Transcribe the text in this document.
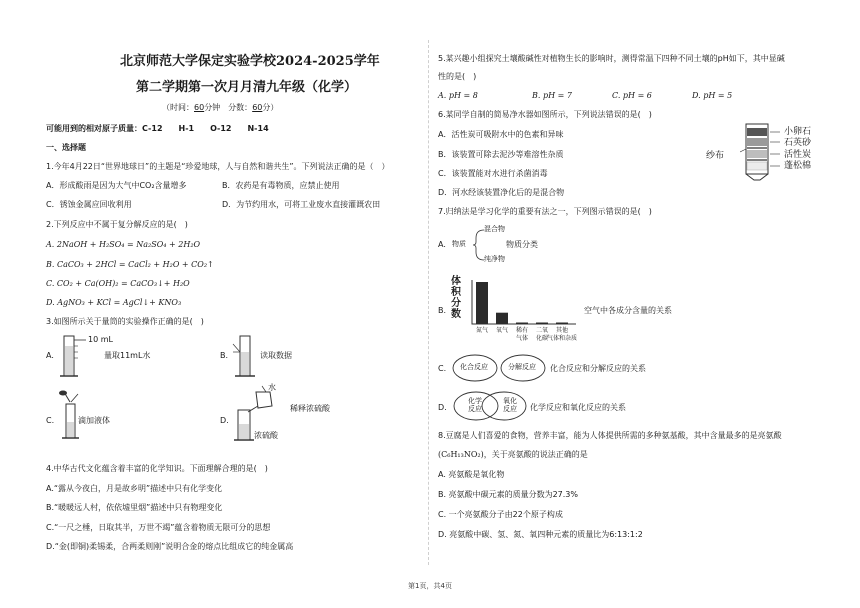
北京师范大学保定实验学校2024-2025学年
第二学期第一次月月清九年级（化学）
（时间：60分钟　分数：60分）
可能用到的相对原子质量：C-12　　H-1　　O-12　　N-14
一、选择题
1.今年4月22日“世界地球日”的主题是“珍爱地球，人与自然和谐共生”。下列说法正确的是（　）
A．形成酸雨是因为大气中CO₂含量增多	B．农药是有毒物质，应禁止使用
C．锈蚀金属应回收利用	D．为节约用水，可将工业废水直接灌溉农田
2.下列反应中不属于复分解反应的是(　)
A. 2NaOH + H₂SO₄ = Na₂SO₄ + 2H₂O
B. CaCO₃ + 2HCl = CaCl₂ + H₂O + CO₂↑
C. CO₂ + Ca(OH)₂ = CaCO₃↓+ H₂O
D. AgNO₃ + KCl = AgCl↓+ KNO₃
3.如图所示关于量筒的实验操作正确的是(　)
A.
10 mL
量取11mL水	B.	读取数据
C.	滴加液体	D.
水
稀释浓硫酸
浓硫酸
4.中华古代文化蕴含着丰富的化学知识。下面理解合理的是(　)
A.“露从今夜白，月是故乡明”描述中只有化学变化
B.“暖暖远人村，依依墟里烟”描述中只有物理变化
C.“一尺之棰，日取其半，万世不竭”蕴含着物质无限可分的思想
D.“金(即铜)柔锡柔，合两柔则刚”说明合金的熔点比组成它的纯金属高
5.某兴趣小组探究土壤酸碱性对植物生长的影响时，测得常温下四种不同土壤的pH如下，其中显碱
性的是(　)
A. pH = 8	B. pH = 7	C. pH = 6	D. pH = 5
6.某同学自制的简易净水器如图所示，下列说法错误的是(　)
A．活性炭可吸附水中的色素和异味
B．该装置可除去泥沙等难溶性杂质
C．该装置能对水进行杀菌消毒
D．河水经该装置净化后的是混合物
纱布
小卵石
石英砂
活性炭
蓬松棉
7.归纳法是学习化学的重要有法之一，下列图示错误的是(　)
A. 物质
混合物
纯净物
物质分类
B.
体积分数
氮气 氧气 稀有
气体
二氧
化碳
其他
气体和杂质
空气中各成分含量的关系
C. 化合反应	分解反应 化合反应和分解反应的关系
D.
化学反应
氧化反应	化学反应和氧化反应的关系
8.豆腐是人们喜爱的食物，营养丰富，能为人体提供所需的多种氨基酸，其中含量最多的是亮氨酸
(C₆H₁₃NO₂)，关于亮氨酸的说法正确的是
A. 亮氨酸是氧化物
B. 亮氨酸中碳元素的质量分数为27.3%
C. 一个亮氨酸分子由22个原子构成
D. 亮氨酸中碳、氢、氮、氧四种元素的质量比为6:13:1:2
第1页，共4页
